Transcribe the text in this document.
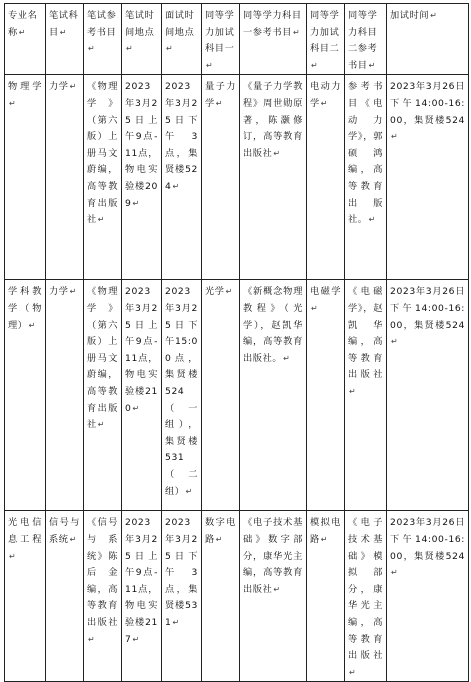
专业名称↵	笔试科目↵	笔试参考书目↵	笔试时间地点↵	面试时间地点↵	同等学力加试科目一↵	同等学力科目一参考书目↵	同等学力加试科目二↵	同等学力科目二参考书目↵	加试时间↵
物理学↵	力学↵	《物理学》（第六版）上册马文蔚编，高等教育出版社↵	2023年3月25日上午9点-11点，物电实验楼209↵	2023年3月25日下午3点，集贤楼524↵	量子力学↵	《量子力学教程》周世勋原著，陈灏修订，高等教育出版社↵	电动力学↵	参考书目《电动力学》，郭硕鸿编，高等教育出版社。↵	2023年3月26日 下午14:00-16:00，集贤楼524↵
学科教学（物理）↵	力学↵	《物理学》（第六版）上册马文蔚编，高等教育出版社↵	2023年3月25日上午9点-11点，物电实验楼210↵	2023年3月25日下午15:00点，集贤楼524（一组），集贤楼531（二组）↵	光学↵	《新概念物理教程》（光学），赵凯华编，高等教育出版社。↵	电磁学↵	《电磁学》，赵凯华编，高等教育出版社↵	2023年3月26日 下午14:00-16:00，集贤楼524↵
光电信息工程↵	信号与系统↵	《信号与系统》陈后金编，高等教育出版社↵	2023年3月25日上午9点-11点，物电实验楼217↵	2023年3月25日下午3点，集贤楼531↵	数字电路↵	《电子技术基础》数字部分，康华光主编，高等教育出版社↵	模拟电路↵	《电子技术基础》模拟部分，康华光主编，高等教育出版社↵	2023年3月26日 下午14:00-16:00，集贤楼524↵
